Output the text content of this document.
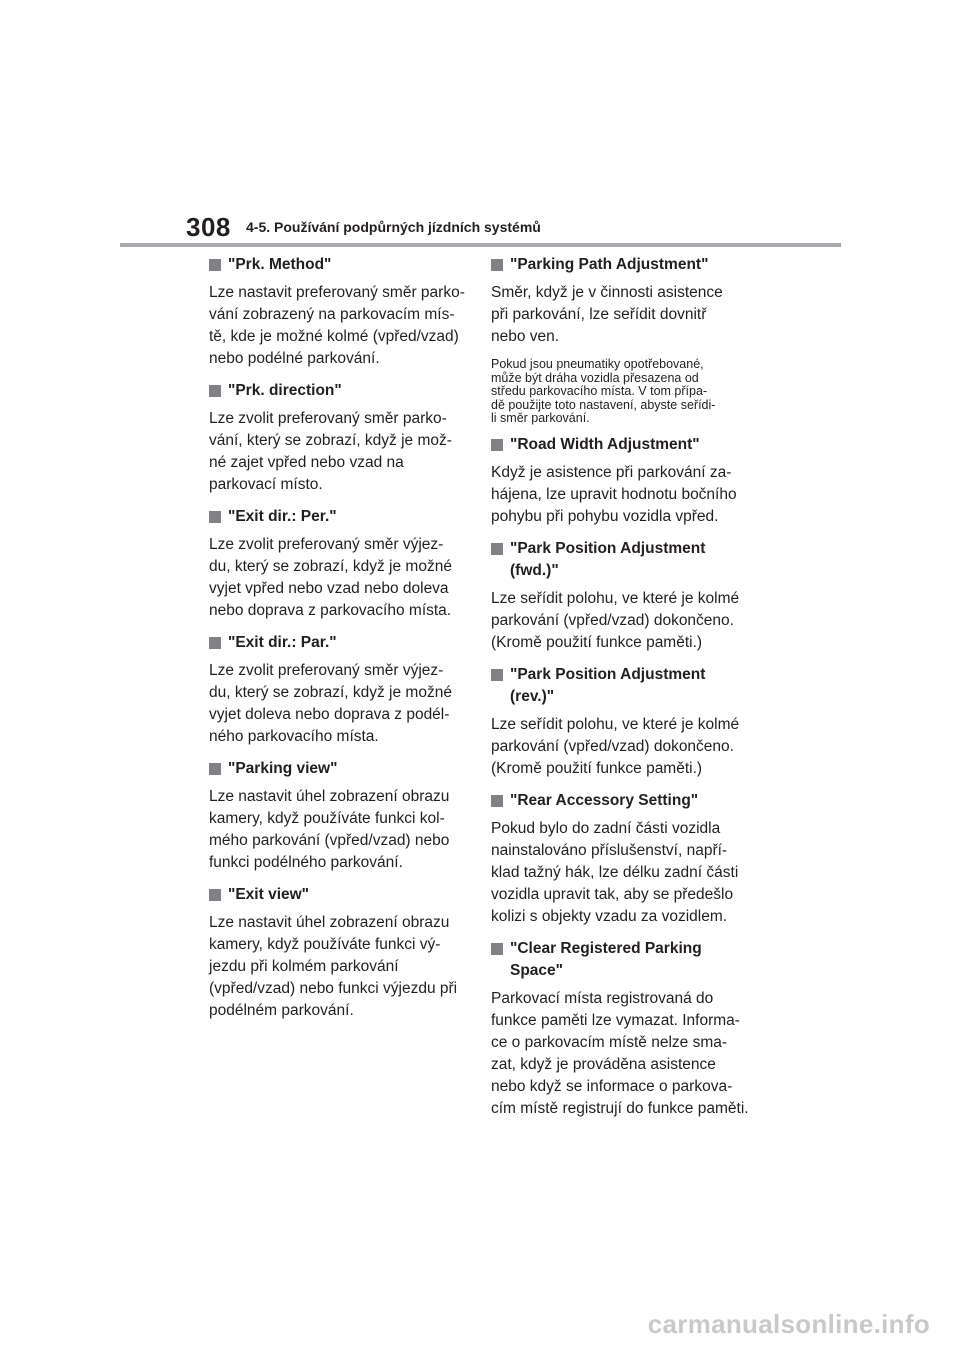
308 4-5. Používání podpůrných jízdních systémů
"Prk. Method"
Lze nastavit preferovaný směr parko-
vání zobrazený na parkovacím mís-
tě, kde je možné kolmé (vpřed/vzad)
nebo podélné parkování.
"Prk. direction"
Lze zvolit preferovaný směr parko-
vání, který se zobrazí, když je mož-
né zajet vpřed nebo vzad na
parkovací místo.
"Exit dir.: Per."
Lze zvolit preferovaný směr výjez-
du, který se zobrazí, když je možné
vyjet vpřed nebo vzad nebo doleva
nebo doprava z parkovacího místa.
"Exit dir.: Par."
Lze zvolit preferovaný směr výjez-
du, který se zobrazí, když je možné
vyjet doleva nebo doprava z podél-
ného parkovacího místa.
"Parking view"
Lze nastavit úhel zobrazení obrazu
kamery, když používáte funkci kol-
mého parkování (vpřed/vzad) nebo
funkci podélného parkování.
"Exit view"
Lze nastavit úhel zobrazení obrazu
kamery, když používáte funkci vý-
jezdu při kolmém parkování
(vpřed/vzad) nebo funkci výjezdu při
podélném parkování.
"Parking Path Adjustment"
Směr, když je v činnosti asistence
při parkování, lze seřídit dovnitř
nebo ven.
Pokud jsou pneumatiky opotřebované,
může být dráha vozidla přesazena od
středu parkovacího místa. V tom přípa-
dě použijte toto nastavení, abyste seřídi-
li směr parkování.
"Road Width Adjustment"
Když je asistence při parkování za-
hájena, lze upravit hodnotu bočního
pohybu při pohybu vozidla vpřed.
"Park Position Adjustment
(fwd.)"
Lze seřídit polohu, ve které je kolmé
parkování (vpřed/vzad) dokončeno.
(Kromě použití funkce paměti.)
"Park Position Adjustment
(rev.)"
Lze seřídit polohu, ve které je kolmé
parkování (vpřed/vzad) dokončeno.
(Kromě použití funkce paměti.)
"Rear Accessory Setting"
Pokud bylo do zadní části vozidla
nainstalováno příslušenství, napří-
klad tažný hák, lze délku zadní části
vozidla upravit tak, aby se předešlo
kolizi s objekty vzadu za vozidlem.
"Clear Registered Parking
Space"
Parkovací místa registrovaná do
funkce paměti lze vymazat. Informa-
ce o parkovacím místě nelze sma-
zat, když je prováděna asistence
nebo když se informace o parkova-
cím místě registrují do funkce paměti.
carmanualsonline.info
